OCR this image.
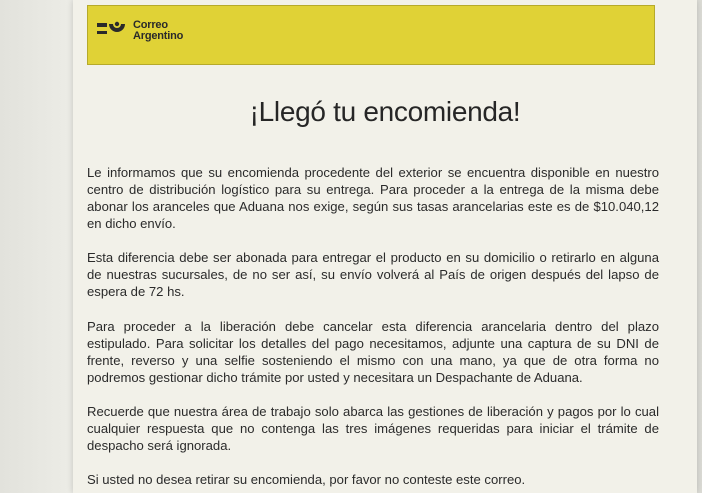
Correo
Argentino
¡Llegó tu encomienda!
Le informamos que su encomienda procedente del exterior se encuentra disponible en nuestro centro de distribución logístico para su entrega. Para proceder a la entrega de la misma debe abonar los aranceles que Aduana nos exige, según sus tasas arancelarias este es de $10.040,12 en dicho envío.
Esta diferencia debe ser abonada para entregar el producto en su domicilio o retirarlo en alguna de nuestras sucursales, de no ser así, su envío volverá al País de origen después del lapso de espera de 72 hs.
Para proceder a la liberación debe cancelar esta diferencia arancelaria dentro del plazo estipulado. Para solicitar los detalles del pago necesitamos, adjunte una captura de su DNI de frente, reverso y una selfie sosteniendo el mismo con una mano, ya que de otra forma no podremos gestionar dicho trámite por usted y necesitara un Despachante de Aduana.
Recuerde que nuestra área de trabajo solo abarca las gestiones de liberación y pagos por lo cual cualquier respuesta que no contenga las tres imágenes requeridas para iniciar el trámite de despacho será ignorada.
Si usted no desea retirar su encomienda, por favor no conteste este correo.
